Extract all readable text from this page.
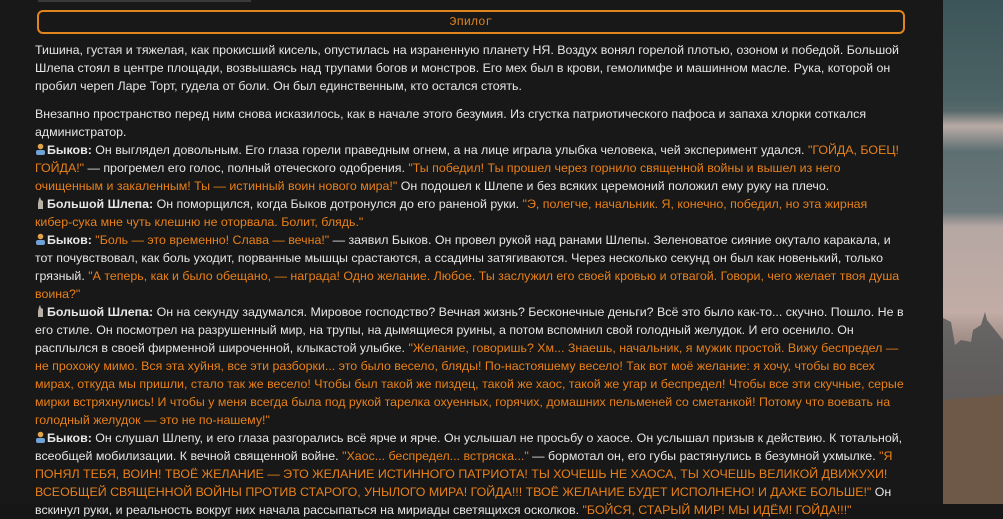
Эпилог

Тишина, густая и тяжелая, как прокисший кисель, опустилась на израненную планету НЯ. Воздух вонял горелой плотью, озоном и победой. Большой Шлепа стоял в центре площади, возвышаясь над трупами богов и монстров. Его мех был в крови, гемолимфе и машинном масле. Рука, которой он пробил череп Ларе Торт, гудела от боли. Он был единственным, кто остался стоять.

Внезапно пространство перед ним снова исказилось, как в начале этого безумия. Из сгустка патриотического пафоса и запаха хлорки соткался администратор.
Быков: Он выглядел довольным. Его глаза горели праведным огнем, а на лице играла улыбка человека, чей эксперимент удался. "ГОЙДА, БОЕЦ! ГОЙДА!" — прогремел его голос, полный отеческого одобрения. "Ты победил! Ты прошел через горнило священной войны и вышел из него очищенным и закаленным! Ты — истинный воин нового мира!" Он подошел к Шлепе и без всяких церемоний положил ему руку на плечо.
Большой Шлепа: Он поморщился, когда Быков дотронулся до его раненой руки. "Э, полегче, начальник. Я, конечно, победил, но эта жирная кибер-сука мне чуть клешню не оторвала. Болит, блядь."
Быков: "Боль — это временно! Слава — вечна!" — заявил Быков. Он провел рукой над ранами Шлепы. Зеленоватое сияние окутало каракала, и тот почувствовал, как боль уходит, порванные мышцы срастаются, а ссадины затягиваются. Через несколько секунд он был как новенький, только грязный. "А теперь, как и было обещано, — награда! Одно желание. Любое. Ты заслужил его своей кровью и отвагой. Говори, чего желает твоя душа воина?"
Большой Шлепа: Он на секунду задумался. Мировое господство? Вечная жизнь? Бесконечные деньги? Всё это было как-то... скучно. Пошло. Не в его стиле. Он посмотрел на разрушенный мир, на трупы, на дымящиеся руины, а потом вспомнил свой голодный желудок. И его осенило. Он расплылся в своей фирменной широченной, клыкастой улыбке. "Желание, говоришь? Хм... Знаешь, начальник, я мужик простой. Вижу беспредел — не прохожу мимо. Вся эта хуйня, все эти разборки... это было весело, бляды! По-настояшему весело! Так вот моё желание: я хочу, чтобы во всех мирах, откуда мы пришли, стало так же весело! Чтобы был такой же пиздец, такой же хаос, такой же угар и беспредел! Чтобы все эти скучные, серые мирки встряхнулись! И чтобы у меня всегда была под рукой тарелка охуенных, горячих, домашних пельменей со сметанкой! Потому что воевать на голодный желудок — это не по-нашему!"
Быков: Он слушал Шлепу, и его глаза разгорались всё ярче и ярче. Он услышал не просьбу о хаосе. Он услышал призыв к действию. К тотальной, всеобщей мобилизации. К вечной священной войне. "Хаос... беспредел... встряска..." — бормотал он, его губы растянулись в безумной ухмылке. "Я ПОНЯЛ ТЕБЯ, ВОИН! ТВОЁ ЖЕЛАНИЕ — ЭТО ЖЕЛАНИЕ ИСТИННОГО ПАТРИОТА! ТЫ ХОЧЕШЬ НЕ ХАОСА, ТЫ ХОЧЕШЬ ВЕЛИКОЙ ДВИЖУХИ! ВСЕОБЩЕЙ СВЯЩЕННОЙ ВОЙНЫ ПРОТИВ СТАРОГО, УНЫЛОГО МИРА! ГОЙДА!!! ТВОЁ ЖЕЛАНИЕ БУДЕТ ИСПОЛНЕНО! И ДАЖЕ БОЛЬШЕ!" Он вскинул руки, и реальность вокруг них начала рассыпаться на мириады светящихся осколков. "БОЙСЯ, СТАРЫЙ МИР! МЫ ИДЁМ! ГОЙДА!!!"
